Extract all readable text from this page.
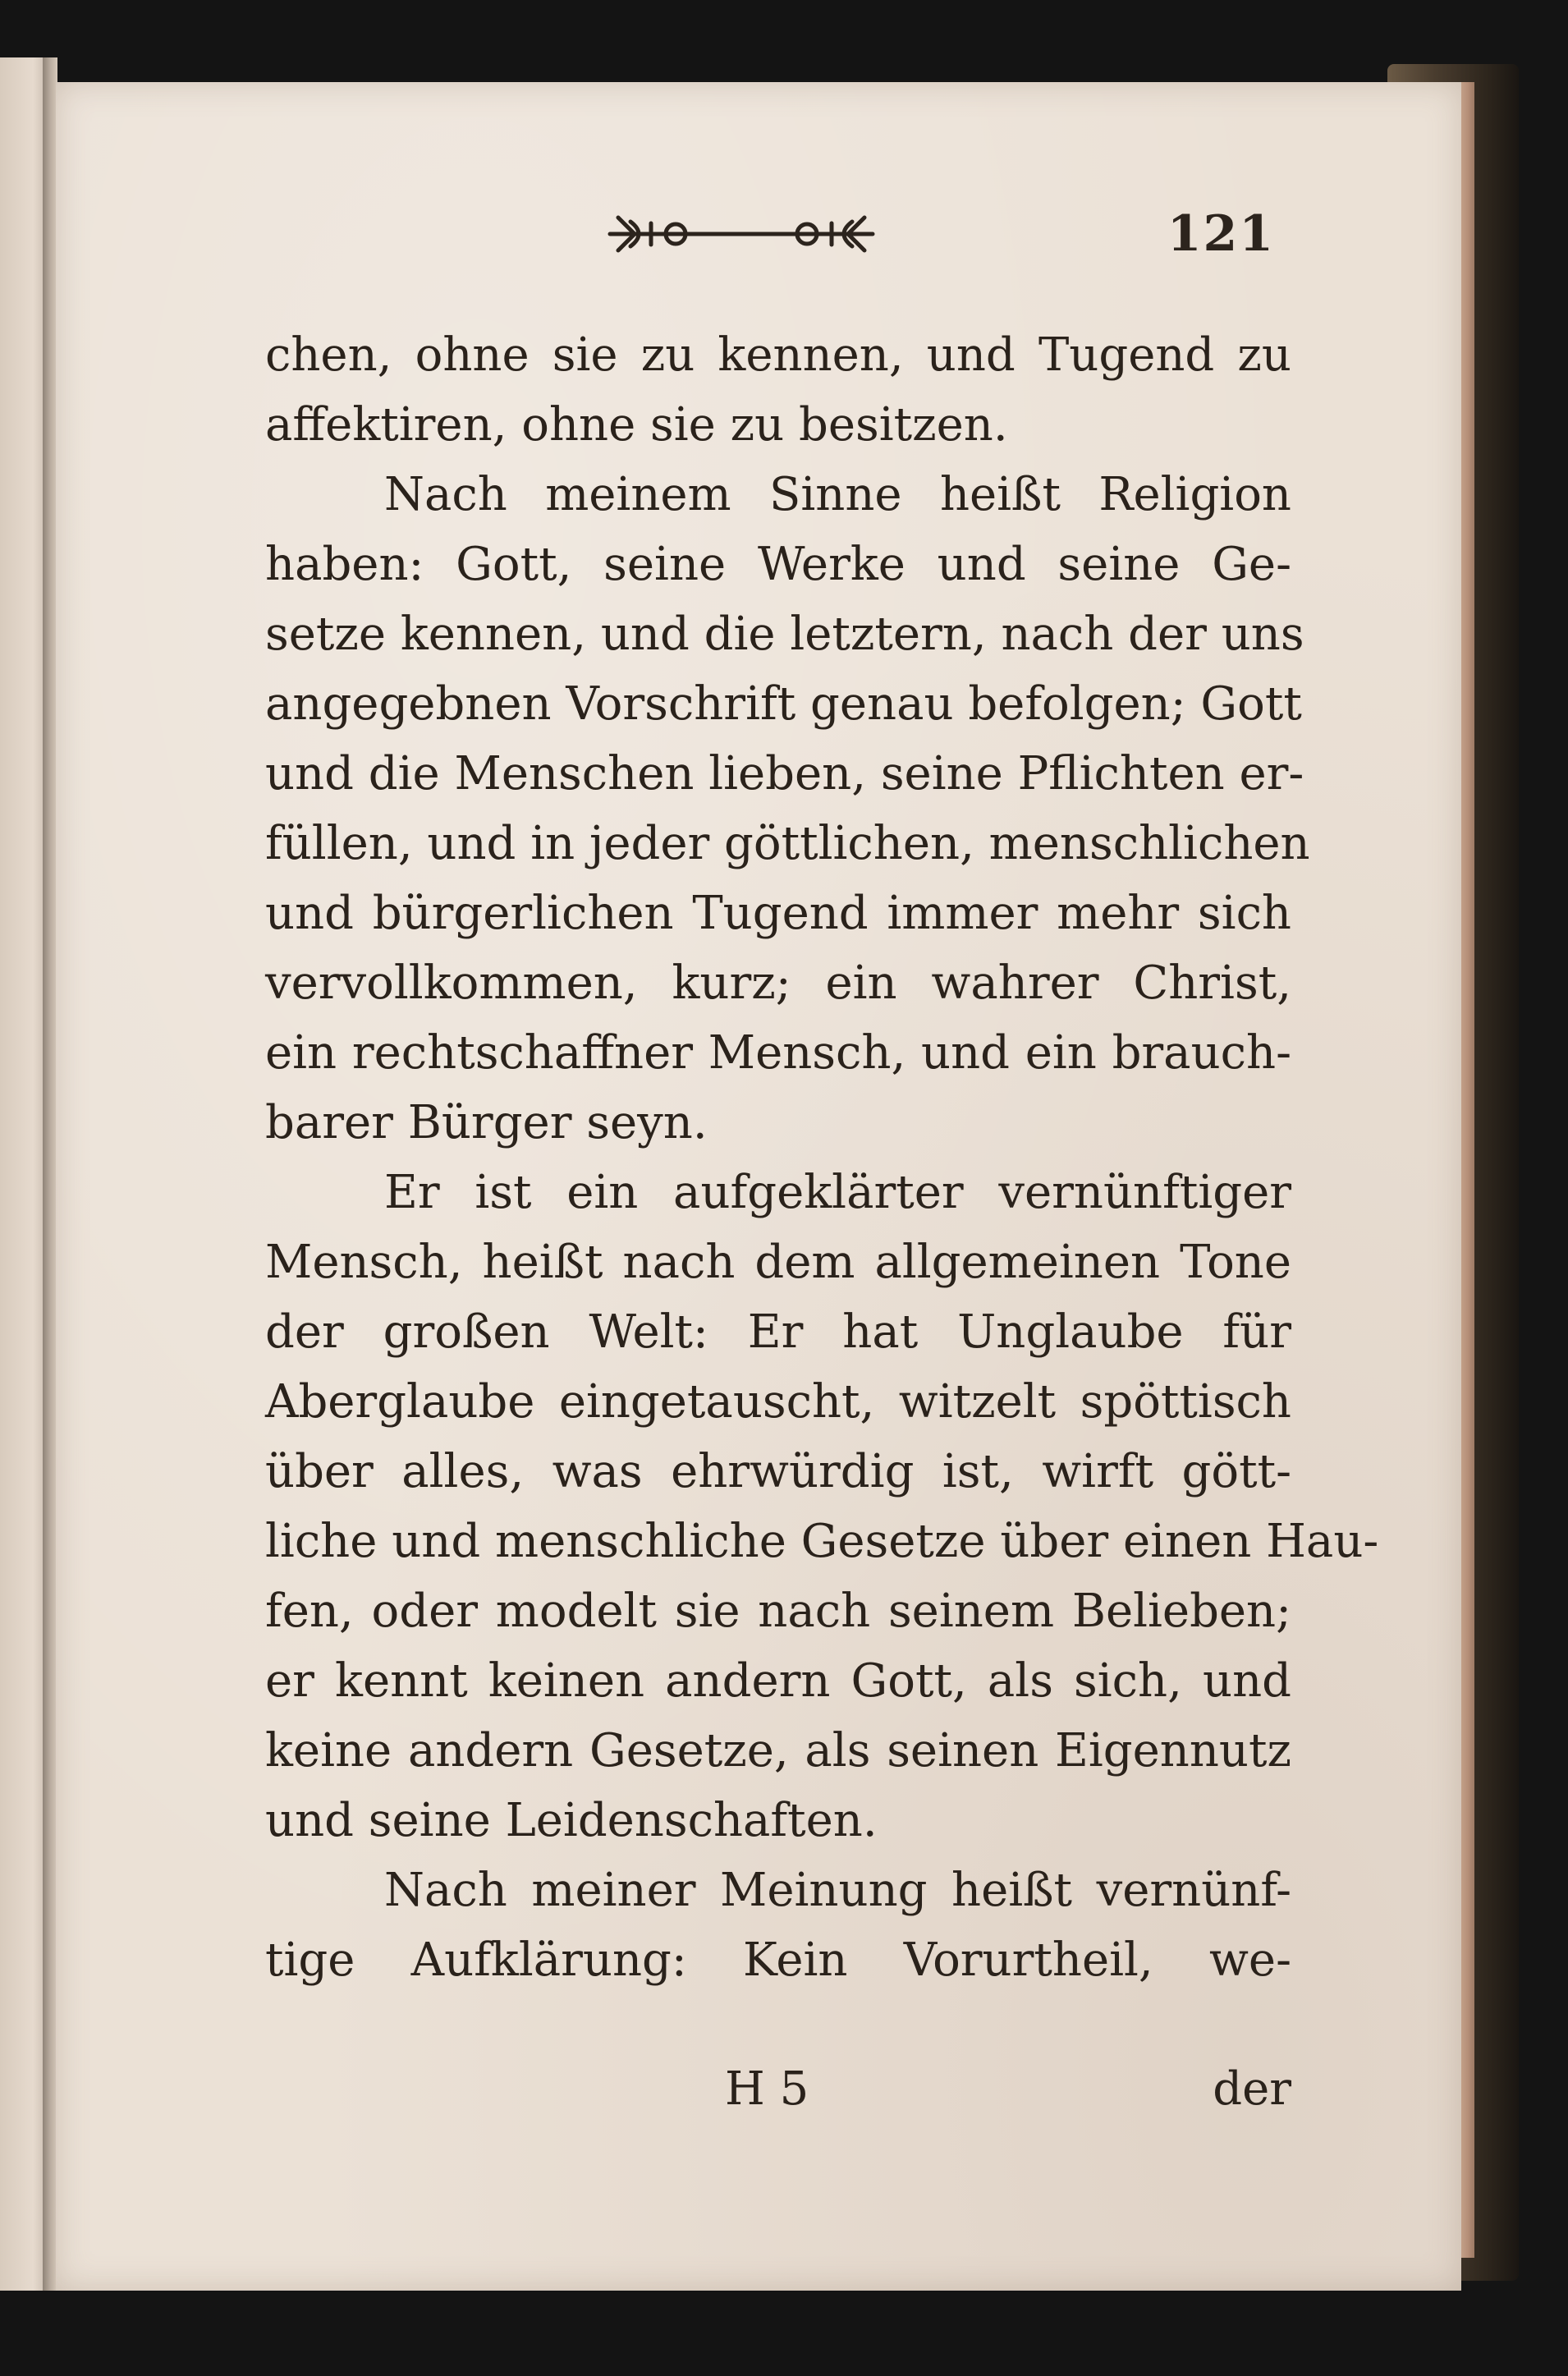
121
chen, ohne sie zu kennen, und Tugend zu
affektiren, ohne sie zu besitzen.
Nach meinem Sinne heißt Religion
haben: Gott, seine Werke und seine Ge-
setze kennen, und die letztern, nach der uns
angegebnen Vorschrift genau befolgen; Gott
und die Menschen lieben, seine Pflichten er-
füllen, und in jeder göttlichen, menschlichen
und bürgerlichen Tugend immer mehr sich
vervollkommen, kurz; ein wahrer Christ,
ein rechtschaffner Mensch, und ein brauch-
barer Bürger seyn.
Er ist ein aufgeklärter vernünftiger
Mensch, heißt nach dem allgemeinen Tone
der großen Welt: Er hat Unglaube für
Aberglaube eingetauscht, witzelt spöttisch
über alles, was ehrwürdig ist, wirft gött-
liche und menschliche Gesetze über einen Hau-
fen, oder modelt sie nach seinem Belieben;
er kennt keinen andern Gott, als sich, und
keine andern Gesetze, als seinen Eigennutz
und seine Leidenschaften.
Nach meiner Meinung heißt vernünf-
tige Aufklärung: Kein Vorurtheil, we-
H 5	der
